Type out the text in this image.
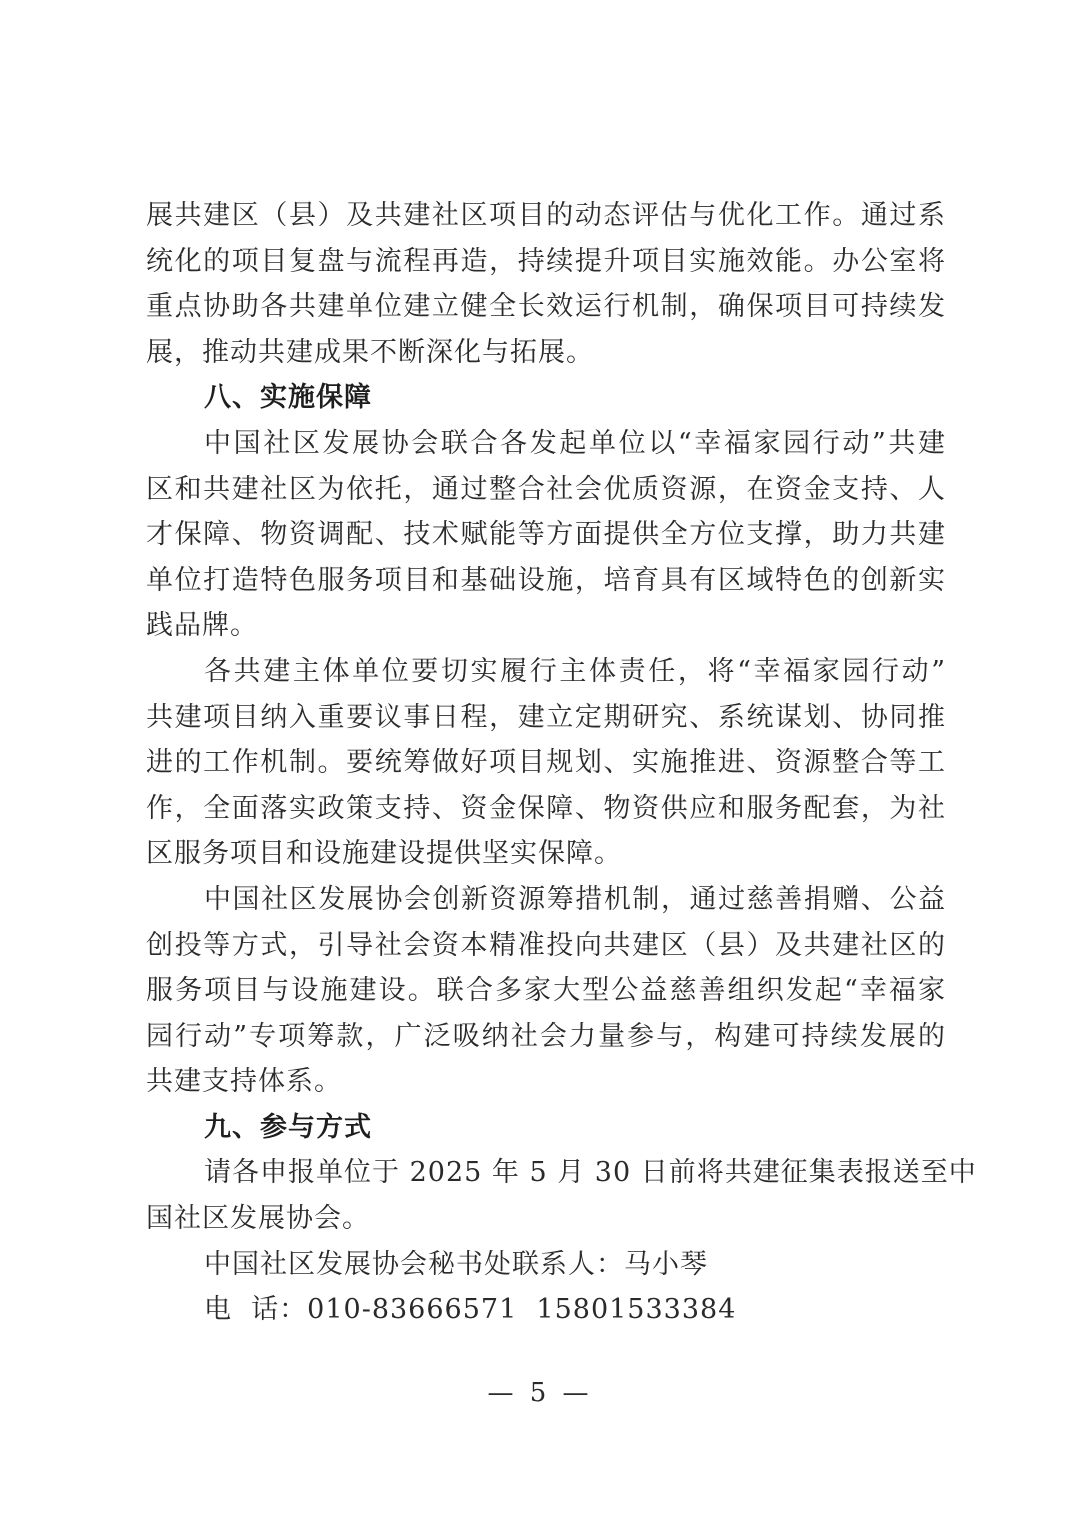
展共建区（县）及共建社区项目的动态评估与优化工作。通过系
统化的项目复盘与流程再造，持续提升项目实施效能。办公室将
重点协助各共建单位建立健全长效运行机制，确保项目可持续发
展，推动共建成果不断深化与拓展。
八、实施保障
中国社区发展协会联合各发起单位以“幸福家园行动”共建
区和共建社区为依托，通过整合社会优质资源，在资金支持、人
才保障、物资调配、技术赋能等方面提供全方位支撑，助力共建
单位打造特色服务项目和基础设施，培育具有区域特色的创新实
践品牌。
各共建主体单位要切实履行主体责任，将“幸福家园行动”
共建项目纳入重要议事日程，建立定期研究、系统谋划、协同推
进的工作机制。要统筹做好项目规划、实施推进、资源整合等工
作，全面落实政策支持、资金保障、物资供应和服务配套，为社
区服务项目和设施建设提供坚实保障。
中国社区发展协会创新资源筹措机制，通过慈善捐赠、公益
创投等方式，引导社会资本精准投向共建区（县）及共建社区的
服务项目与设施建设。联合多家大型公益慈善组织发起“幸福家
园行动”专项筹款，广泛吸纳社会力量参与，构建可持续发展的
共建支持体系。
九、参与方式
请各申报单位于 2025 年 5 月 30 日前将共建征集表报送至中
国社区发展协会。
中国社区发展协会秘书处联系人：马小琴
电  话：010-83666571  15801533384
— 5 —
